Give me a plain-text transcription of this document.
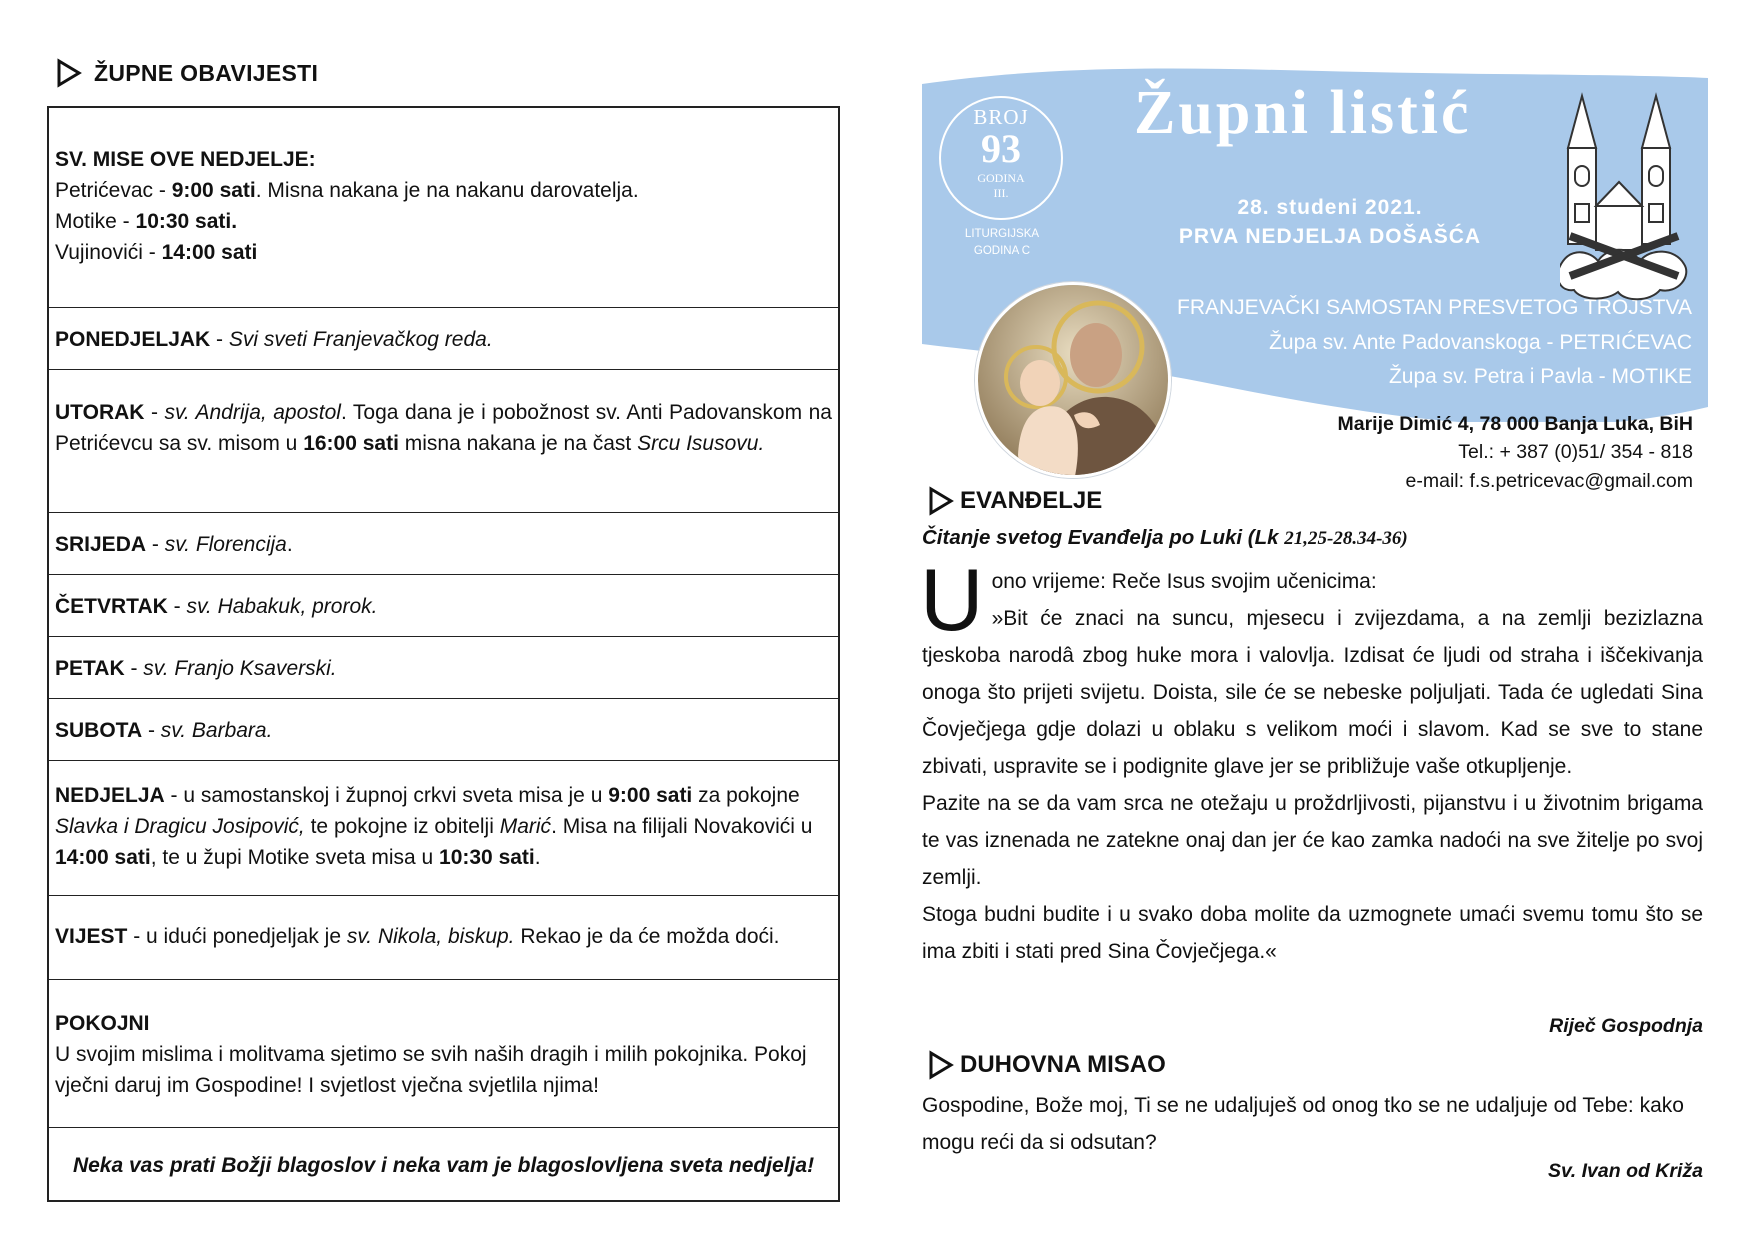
ŽUPNE OBAVIJESTI
SV. MISE OVE NEDJELJE:
Petrićevac - 9:00 sati. Misna nakana je na nakanu darovatelja.
Motike - 10:30 sati.
Vujinovići - 14:00 sati
PONEDJELJAK - Svi sveti Franjevačkog reda.
UTORAK - sv. Andrija, apostol. Toga dana je i pobožnost sv. Anti Padovanskom na Petrićevcu sa sv. misom u 16:00 sati misna nakana je na čast Srcu Isusovu.
SRIJEDA - sv. Florencija.
ČETVRTAK - sv. Habakuk, prorok.
PETAK - sv. Franjo Ksaverski.
SUBOTA - sv. Barbara.
NEDJELJA - u samostanskoj i župnoj crkvi sveta misa je u 9:00 sati za pokojne Slavka i Dragicu Josipović, te pokojne iz obitelji Marić. Misa na filijali Novakovići u 14:00 sati, te u župi Motike sveta misa u 10:30 sati.
VIJEST - u idući ponedjeljak je sv. Nikola, biskup. Rekao je da će možda doći.
POKOJNI
U svojim mislima i molitvama sjetimo se svih naših dragih i milih pokojnika. Pokoj vječni daruj im Gospodine! I svjetlost vječna svjetlila njima!
Neka vas prati Božji blagoslov i neka vam je blagoslovljena sveta nedjelja!
BROJ
93
GODINA
III.
LITURGIJSKA
GODINA C
Župni listić
28. studeni 2021.
PRVA NEDJELJA DOŠAŠĆA
FRANJEVAČKI SAMOSTAN PRESVETOG TROJSTVA
Župa sv. Ante Padovanskoga - PETRIĆEVAC
Župa sv. Petra i Pavla - MOTIKE
Marije Dimić 4, 78 000 Banja Luka, BiH
Tel.: + 387 (0)51/ 354 - 818
e-mail: f.s.petricevac@gmail.com
EVANĐELJE
Čitanje svetog Evanđelja po Luki (Lk 21,25-28.34-36)
U ono vrijeme: Reče Isus svojim učenicima:

»Bit će znaci na suncu, mjesecu i zvijezdama, a na zemlji bezizlazna tjeskoba narodâ zbog huke mora i valovlja. Izdisat će ljudi od straha i iščekivanja onoga što prijeti svijetu. Doista, sile će se nebeske poljuljati. Tada će ugledati Sina Čovječjega gdje dolazi u oblaku s velikom moći i slavom. Kad se sve to stane zbivati, uspravite se i podignite glave jer se približuje vaše otkupljenje.

Pazite na se da vam srca ne otežaju u proždrljivosti, pijanstvu i u životnim brigama te vas iznenada ne zatekne onaj dan jer će kao zamka nadoći na sve žitelje po svoj zemlji.

Stoga budni budite i u svako doba molite da uzmognete umaći svemu tomu što se ima zbiti i stati pred Sina Čovječjega.«

Riječ Gospodnja
DUHOVNA MISAO
Gospodine, Bože moj, Ti se ne udaljuješ od onog tko se ne udaljuje od Tebe: kako mogu reći da si odsutan?
Sv. Ivan od Križa
